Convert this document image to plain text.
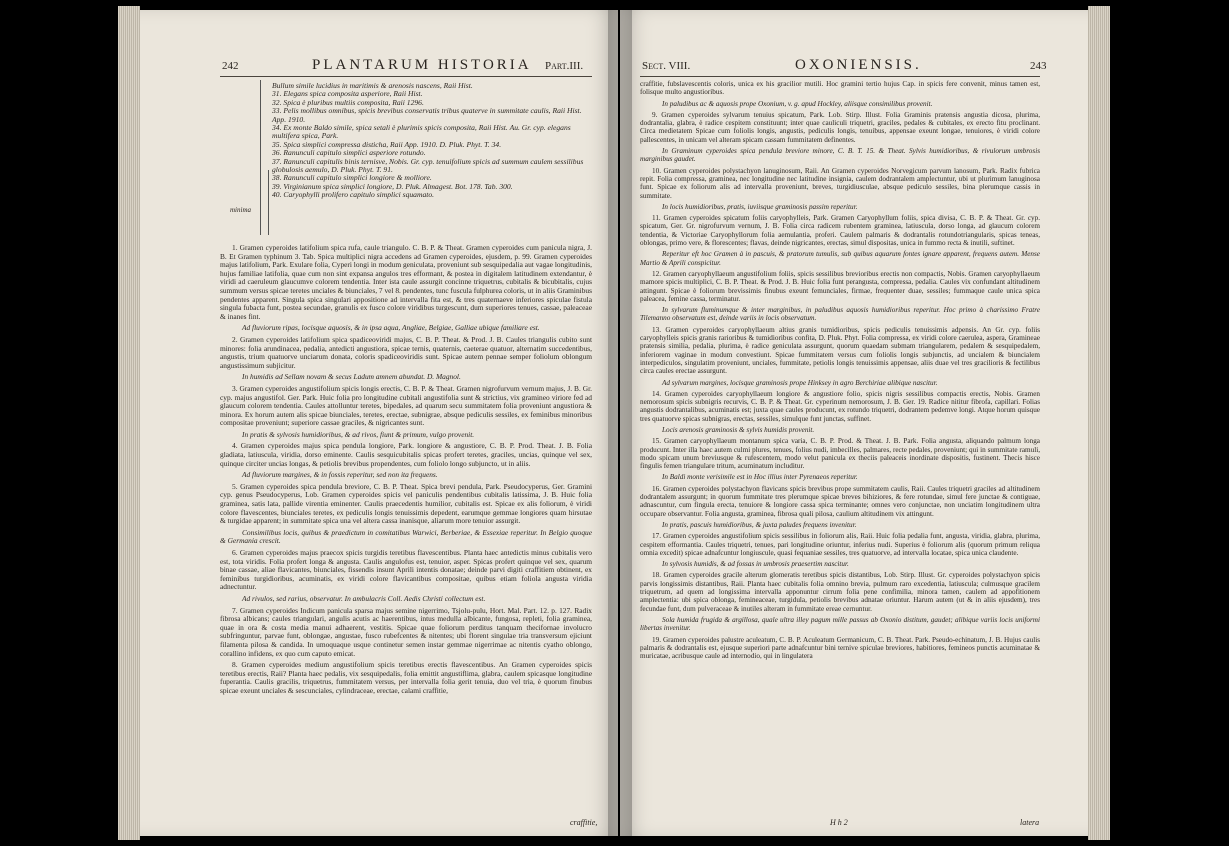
242	PLANTARUM HISTORIA Part.III.
minima
Bullum simile lucidius in maritimis & arenosis nascens, Raii Hist.
31. Elegans spica composita asperiore, Raii Hist.
32. Spica è pluribus multiis composita, Raii 1296.
33. Pelis mollibus omnibus, spicis brevibus conservatis tribus quaterve in summitate caulis, Raii Hist. App. 1910.
34. Ex monte Baldo simile, spica setali è plurimis spicis composita, Raii Hist. Au. Gr. cyp. elegans multifera spica, Park.
35. Spica simplici compressa disticha, Raii App. 1910. D. Pluk. Phyt. T. 34.
36. Ranunculi capitulo simplici asperiore rotundo.
37. Ranunculi capitulis binis ternisve, Nobis. Gr. cyp. tenuifolium spicis ad summum caulem sessilibus globulosis aemulo, D. Pluk. Phyt. T. 91.
38. Ranunculi capitulo simplici longiore & molliore.
39. Virginianum spica simplici longiore, D. Pluk. Almagest. Bot. 178. Tab. 300.
40. Caryophylli prolifero capitulo simplici squamato.

1. Gramen cyperoides latifolium spica rufa, caule triangulo. C. B. P. & Theat. Gramen cyperoides cum panicula nigra, J. B. Et Gramen typhinum 3. Tab. Spica multiplici nigra accedens ad Gramen cyperoides, ejusdem, p. 99. Gramen cyperoides majus latifolium, Park. Exulare folia, Cyperi longi in modum geniculata, proveniunt sub sesquipedalia aut vagae longitudinis, hujus familiae latifolia, quae cum non sint expansa angulos tres efformant, & postea in digitalem latitudinem extendantur, è viridi ad caeruleum glaucumve colorem tendentia. Inter ista caule assurgit concinne triquetrus, cubitalis & bicubitalis, cujus summum versus spicae teretes unciales & biunciales, 7 vel 8. pendentes, tunc fuscula fulphurea coloris, ut in aliis Graminibus pendentes apparent. Singula spica singulari appositione ad intervalla fita est, & tres quaternaeve inferiores spiculae fistula singula fubacta funt, postea secundae, granulis ex fusco colore viridibus turgescunt, dum superiores tenues, cassae, paleaceae & inanes fint.

Ad fluviorum ripas, locisque aquosis, & in ipsa aqua, Angliae, Belgiae, Galliae ubique familiare est.

2. Gramen cyperoides latifolium spica spadiceoviridi majus, C. B. P. Theat. & Prod. J. B. Caules triangulis cubito sunt minores: folia arundinacea, pedalia, antedicti angustiora, spicae ternis, quaternis, caeterae quatuor, alternatim succedentibus, angustis, trium quatuorve unciarum donata, coloris spadiceoviridis sunt. Spicae autem pennae semper foliolum oblongum angustissimum subjicitur.

In humidis ad Sellam novam & secus Ladum amnem abundat. D. Magnol.

3. Gramen cyperoides angustifolium spicis longis erectis, C. B. P. & Theat. Gramen nigrofurvum vernum majus, J. B. Gr. cyp. majus angustifol. Ger. Park. Huic folia pro longitudine cubitali angustifolia sunt & strictius, vix gramineo viriore fed ad glaucum colorem tendentia. Caules attolluntur teretes, bipedales, ad quarum secu summitatem folia proveniunt angustiora & minora. Ex horum autem alis spicae biunciales, teretes, erectae, subnigrae, absque pediculis sessiles, ex feminibus minoribus compositae proveniunt; superiore cassae graciles, & nigricantes sunt.

In pratis & sylvosis humidioribus, & ad rivos, fiunt & primum, vulgo provenit.

4. Gramen cyperoides majus spica pendula longiore, Park. longiore & angustiore, C. B. P. Prod. Theat. J. B. Folia gladiata, latiuscula, viridia, dorso eminente. Caulis sesquicubitalis spicas profert teretes, graciles, uncias, quinque vel sex, quinque circiter uncias longas, & petiolis brevibus propendentes, cum foliolo longo subjuncto, ut in aliis.

Ad fluviorum margines, & in fossis reperitur, sed non ita frequens.

5. Gramen cyperoides spica pendula breviore, C. B. P. Theat. Spica brevi pendula, Park. Pseudocyperus, Ger. Gramini cyp. genus Pseudocyperus, Lob. Gramen cyperoides spicis vel paniculis pendentibus cubitalis latissima, J. B. Huic folia graminea, satis lata, pallide virentia eminenter. Caulis praecedentis humilior, cubitalis est. Spicae ex alis foliorum, è viridi colore flavescentes, biunciales teretes, ex pediculis longis tenuissimis depedent, earumque gemmae longiores quam hirsutae & turgidae apparent; in summitate spica una vel altera cassa inanisque, aliarum more tenuior assurgit.

Consimilibus locis, quibus & praedictum in comitatibus Warwici, Berberiae, & Essexiae reperitur. In Belgio quoque & Germania crescit.

6. Gramen cyperoides majus praecox spicis turgidis teretibus flavescentibus. Planta haec antedictis minus cubitalis vero est, tota viridis. Folia profert longa & angusta. Caulis angulofus est, tenuior, asper. Spicas profert quinque vel sex, quarum binae cassae, aliae flavicantes, biunciales, fissendis insunt Aprili intentis donatae; deinde parvi digiti craffitiem obtinent, ex feminibus turgidioribus, acuminatis, ex viridi colore flavicantibus compositae, quibus etiam foliola angusta viridia adnectuntur.

Ad rivulos, sed rarius, observatur. In ambulacris Coll. Aedis Christi collectum est.

7. Gramen cyperoides Indicum panicula sparsa majus semine nigerrimo, Tsjolu-pulu, Hort. Mal. Part. 12. p. 127. Radix fibrosa albicans; caules triangulari, angulis acutis ac haerentibus, intus medulla albicante, fungosa, repleti, folia graminea, quae in ora & costa media manui adhaerent, vestitis. Spicae quae foliorum perditus tanquam thecifornae involucro subfringuntur, parvae funt, oblongae, angustae, fusco rubefcentes & nitentes; ubi florent singulae tria transversum ejiciunt filamenta pilosa & candida. In umoquaque usque continetur semen instar gemmae nigerrimae ac nitentis cyatho oblongo, corallino infidens, ex quo cum caputo emicat.

8. Gramen cyperoides medium angustifolium spicis teretibus erectis flavescentibus. An Gramen cyperoides spicis teretibus erectis, Raii? Planta haec pedalis, vix sesquipedalis, folia emittit angustiflima, glabra, caulem spicasque longitudine fuperantia. Caulis gracilis, triquetrus, fummitatem versus, per intervalla folia gerit tenuia, duo vel tria, è quorum finubus spicae exeunt unciales & sescunciales, cylindraceae, erectae, calami craffitie,

craffitie,
Sect. VIII.	OXONIENSIS.	243

craffitie, fubslavescentis coloris, unica ex his gracilior mutili. Hoc gramini tertio hujus Cap. in spicis fere convenit, minus tamen est, folisque multo angustioribus.

In paludibus ac & aquosis prope Oxonium, v. g. apud Hockley, aliisque consimilibus provenit.

9. Gramen cyperoides sylvarum tenuius spicatum, Park. Lob. Stirp. Illust. Folia Graminis pratensis angustia dicosa, plurima, dodrantalia, glabra, è radice cespitem constituunt; inter quae cauliculi triquetri, graciles, pedales & cubitales, ex erecto fitu proclinant. Circa medietatem Spicae cum foliolis longis, angustis, pediculis longis, tenuibus, appensae exeunt longae, tenuiores, è viridi colore pallescentes, in unicam vel alteram spicam cassam fummitatem definentes.

In Graminum cyperoides spica pendula breviore minore, C. B. T. 15. & Theat. Sylvis humidioribus, & rivulorum umbrosis marginibus gaudet.

10. Gramen cyperoides polystachyon lanuginosum, Raii. An Gramen cyperoides Norvegicum parvum lanosum, Park. Radix fubrica repit. Folia compressa, graminea, nec longitudine nec latitudine insignia, caulem dodrantalem amplectuntur, ubi ut plurimum lanuginosa funt. Spicae ex foliorum alis ad intervalla proveniunt, breves, turgidiusculae, absque pediculo sessiles, bina plerumque cassis in summitate.

In locis humidioribus, pratis, iuviisque graminosis passim reperitur.

11. Gramen cyperoides spicatum foliis caryophylleis, Park. Gramen Caryophyllum foliis, spica divisa, C. B. P. & Theat. Gr. cyp. spicatum, Ger. Gr. nigrofurvum vernum, J. B. Folia circa radicem rubentem graminea, latiuscula, dorso longa, ad glaucum colorem tendentia, & Victoriae Caryophyllorum folia aemulantia, proferi. Caulem palmaris & dodrantalis rotundotriangularis, spicas teneas, oblongas, primo vere, & florescentes; flavas, deinde nigricantes, erectas, simul dispositas, unica in fummo recta & inutili, suftinet.

Reperitur eft hoc Gramen à in pascuis, & pratorum tumulis, sub quibus aquarum fontes ignare apparent, frequens autem. Mense Martio & Aprili conspicitur.

12. Gramen caryophyllaeum angustifolium foliis, spicis sessilibus brevioribus erectis non compactis, Nobis. Gramen caryophyllaeum mamore spicis multiplici, C. B. P. Theat. & Prod. J. B. Huic folia funt perangusta, compressa, pedalia. Caules vix confundant altitudinem attingunt. Spicae è foliorum brevissimis finubus exeunt femunciales, firmae, frequenter duae, sessiles; fummaque caule unica spica paleacea, femine cassa, terminatur.

In sylvarum fluminumque & inter marginibus, in paludibus aquosis humidioribus reperitur. Hoc primo à charissimo Fratre Tilemanno observatum est, deinde variis in locis observatum.

13. Gramen cyperoides caryophyllaeum altius granis tumidioribus, spicis pediculis tenuissimis adpensis. An Gr. cyp. foliis caryophylleis spicis granis rarioribus & tumidioribus confita, D. Pluk. Phyt. Folia compressa, ex viridi colore caerulea, aspera, Gramineae pratensis similia, pedalia, plurima, è radice geniculata assurgunt, quorum quaedam submam triangularem, pedalem & sesquipedalem, inferiorem vaginae in modum convestiunt. Spicae fummitatem versus cum foliolis longis subjunctis, ad uncialem & biuncialem interpediculos, singulatim proveniunt, unciales, fummitate, petiolis longis tenuissimis appensae, aliis duae vel tres gracilioris & fectilibus circa caules erectae assurgunt.

Ad sylvarum margines, locisque graminosis prope Hinksey in agro Berchiriae alibique nascitur.

14. Gramen cyperoides caryophyllaeum longiore & angustiore folio, spicis nigris sessilibus compactis erectis, Nobis. Gramen nemorosum spicis subnigris recurvis, C. B. P. & Theat. Gr. cyperinum nemorosum, J. B. Ger. 19. Radice nititur fibrofa, capillari. Folias angustis dodrantalibus, acuminatis est; juxta quae caules producunt, ex rotundo triquetri, dodrantem pedemve longi. Atque horum quisque tres quatuorve spicas subnigras, erectas, sessiles, simulque funt junctas, suffinet.

Locis arenosis graminosis & sylvis humidis provenit.

15. Gramen caryophyllaeum montanum spica varia, C. B. P. Prod. & Theat. J. B. Park. Folia angusta, aliquando palmum longa producunt. Inter illa haec autem culmi plures, tenues, folius nudi, imbecilles, palmares, recte pedales, proveniunt; qui in summitate ramuli, modo spicam unum breviusque & rufescentem, modo velut panicula ex theciis paleaceis inordinate dispositis, fustinent. Thecis hisce fingulis femen triangulare tritum, acuminatum includitur.

In Baldi monte verisimile est in Hoc illius inter Pyrenaeos reperitur.

16. Gramen cyperoides polystachyon flavicans spicis brevibus prope summitatem caulis, Raii. Caules triquetri graciles ad altitudinem dodrantalem assurgunt; in quorum fummitate tres plerumque spicae breves bihiziores, & fere rotundae, simul fere junctae & contiguae, adnascuntur, cum fingula erecta, tenuiore & longiore cassa spica terminante; omnes vero conjunctae, non unciatim longitudinem ultra occupare observantur. Folia angusta, graminea, fibrosa quali pilosa, caulium altitudinem vix attingunt.

In pratis, pascuis humidioribus, & juxta paludes frequens invenitur.

17. Gramen cyperoides angustifolium spicis sessilibus in foliorum alis, Raii. Huic folia pedalia funt, angusta, viridia, glabra, plurima, cespitem efformantia. Caules triquetri, tenues, pari longitudine oriuntur, inferius nudi. Superius è foliorum alis (quorum primum reliqua omnia excedit) spicae adnafcuntur longiuscule, quasi fequaniae sessiles, tres quatuorve, ad intervalla locatae, spica unica claudente.

In sylvosis humidis, & ad fossas in umbrosis praesertim nascitur.

18. Gramen cyperoides gracile alterum glomeratis teretibus spicis distantibus, Lob. Stirp. Illust. Gr. cyperoides polystachyon spicis parvis longissimis distantibus, Raii. Planta haec cubitalis folia omnino brevia, pulmum raro excedentia, latiuscula; culmusque gracilem triquetrum, ad quem ad longissima intervalla apponuntur cirrum folia pene confimilia, minora tamen, caulem ad appofitionem amplectentia: ubi spica oblonga, femineaceae, turgidula, petiolis brevibus adnatae oriuntur. Harum autem (ut & in aliis ejusdem), tres fecundae funt, dum pulveraceae & inutiles alteram in fummitate ereae cernuntur.

Sola humida frugida & argillosa, quale ultra illey pagum mille passus ab Oxonio distitum, gaudet; alibique variis locis uniformi libertas invenitur.

19. Gramen cyperoides palustre aculeatum, C. B. P. Aculeatum Germanicum, C. B. Theat. Park. Pseudo-echinatum, J. B. Hujus caulis palmaris & dodrantalis est, ejusque superiori parte adnafcuntur bini ternive spiculae breviores, habitiores, femineos punctis acuminatae & muricatae, acribusque caule ad internodio, qui in lingulatera

H h 2	latera
